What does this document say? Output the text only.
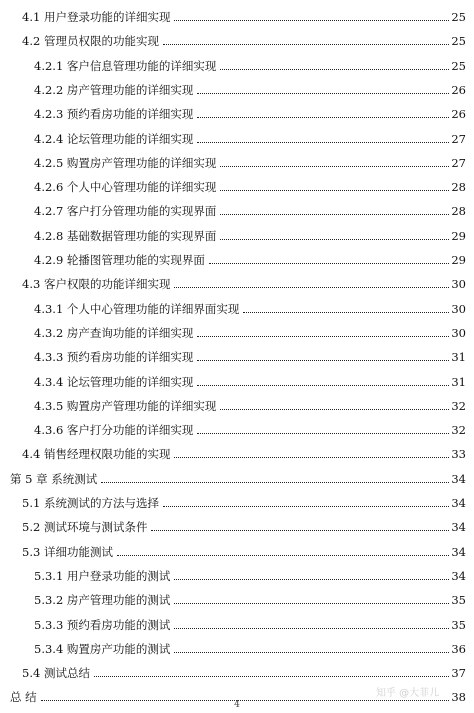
4.1 用户登录功能的详细实现	25
4.2 管理员权限的功能实现	25
4.2.1 客户信息管理功能的详细实现	25
4.2.2 房产管理功能的详细实现	26
4.2.3 预约看房功能的详细实现	26
4.2.4 论坛管理功能的详细实现	27
4.2.5 购置房产管理功能的详细实现	27
4.2.6 个人中心管理功能的详细实现	28
4.2.7 客户打分管理功能的实现界面	28
4.2.8 基础数据管理功能的实现界面	29
4.2.9 轮播图管理功能的实现界面	29
4.3 客户权限的功能详细实现	30
4.3.1 个人中心管理功能的详细界面实现	30
4.3.2 房产查询功能的详细实现	30
4.3.3 预约看房功能的详细实现	31
4.3.4 论坛管理功能的详细实现	31
4.3.5 购置房产管理功能的详细实现	32
4.3.6 客户打分功能的详细实现	32
4.4 销售经理权限功能的实现	33
第 5 章 系统测试	34
5.1 系统测试的方法与选择	34
5.2 测试环境与测试条件	34
5.3 详细功能测试	34
5.3.1 用户登录功能的测试	34
5.3.2 房产管理功能的测试	35
5.3.3 预约看房功能的测试	35
5.3.4 购置房产功能的测试	36
5.4 测试总结	37
总 结	38
4
知乎 @大菲儿
